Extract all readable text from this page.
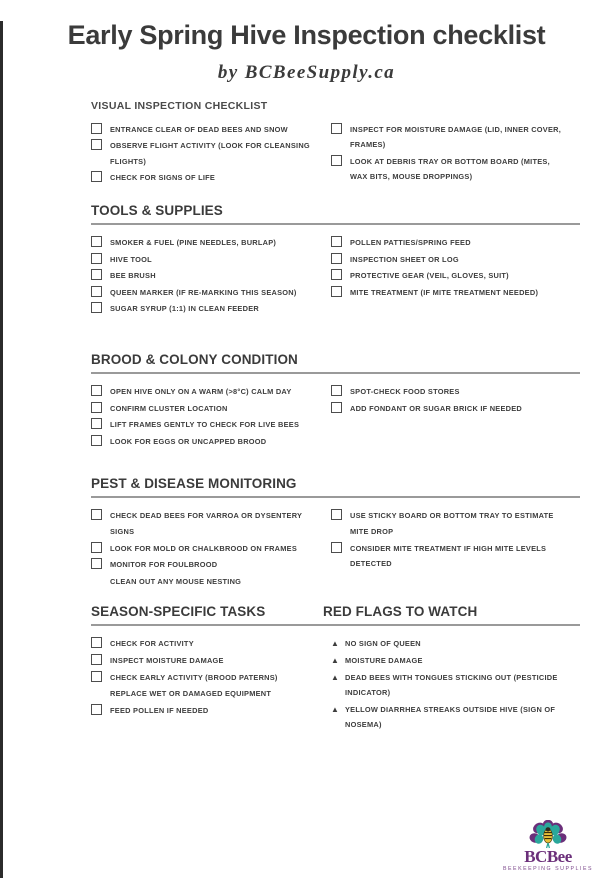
Early Spring Hive Inspection checklist
by BCBeeSupply.ca
VISUAL INSPECTION CHECKLIST
ENTRANCE CLEAR OF DEAD BEES AND SNOW
OBSERVE FLIGHT ACTIVITY (LOOK FOR CLEANSING FLIGHTS)
CHECK FOR SIGNS OF LIFE
INSPECT FOR MOISTURE DAMAGE (LID, INNER COVER, FRAMES)
LOOK AT DEBRIS TRAY OR BOTTOM BOARD (MITES, WAX BITS, MOUSE DROPPINGS)
TOOLS & SUPPLIES
SMOKER & FUEL (PINE NEEDLES, BURLAP)
HIVE TOOL
BEE BRUSH
QUEEN MARKER (IF RE-MARKING THIS SEASON)
SUGAR SYRUP (1:1) IN CLEAN FEEDER
POLLEN PATTIES/SPRING FEED
INSPECTION SHEET OR LOG
PROTECTIVE GEAR (VEIL, GLOVES, SUIT)
MITE TREATMENT (IF MITE TREATMENT NEEDED)
BROOD & COLONY CONDITION
OPEN HIVE ONLY ON A WARM (>8°C) CALM DAY
CONFIRM CLUSTER LOCATION
LIFT FRAMES GENTLY TO CHECK FOR LIVE BEES
LOOK FOR EGGS OR UNCAPPED BROOD
SPOT-CHECK FOOD STORES
ADD FONDANT OR SUGAR BRICK IF NEEDED
PEST & DISEASE MONITORING
CHECK DEAD BEES FOR VARROA OR DYSENTERY SIGNS
LOOK FOR MOLD OR CHALKBROOD ON FRAMES
MONITOR FOR FOULBROOD
CLEAN OUT ANY MOUSE NESTING
USE STICKY BOARD OR BOTTOM TRAY TO ESTIMATE MITE DROP
CONSIDER MITE TREATMENT IF HIGH MITE LEVELS DETECTED
SEASON-SPECIFIC TASKS	RED FLAGS TO WATCH
CHECK FOR ACTIVITY
INSPECT MOISTURE DAMAGE
CHECK EARLY ACTIVITY (BROOD PATERNS)
REPLACE WET OR DAMAGED EQUIPMENT
FEED POLLEN IF NEEDED
▲ NO SIGN OF QUEEN
▲ MOISTURE DAMAGE
▲ DEAD BEES WITH TONGUES STICKING OUT (PESTICIDE INDICATOR)
▲ YELLOW DIARRHEA STREAKS OUTSIDE HIVE (SIGN OF NOSEMA)
BCBee
BEEKEEPING SUPPLIES
